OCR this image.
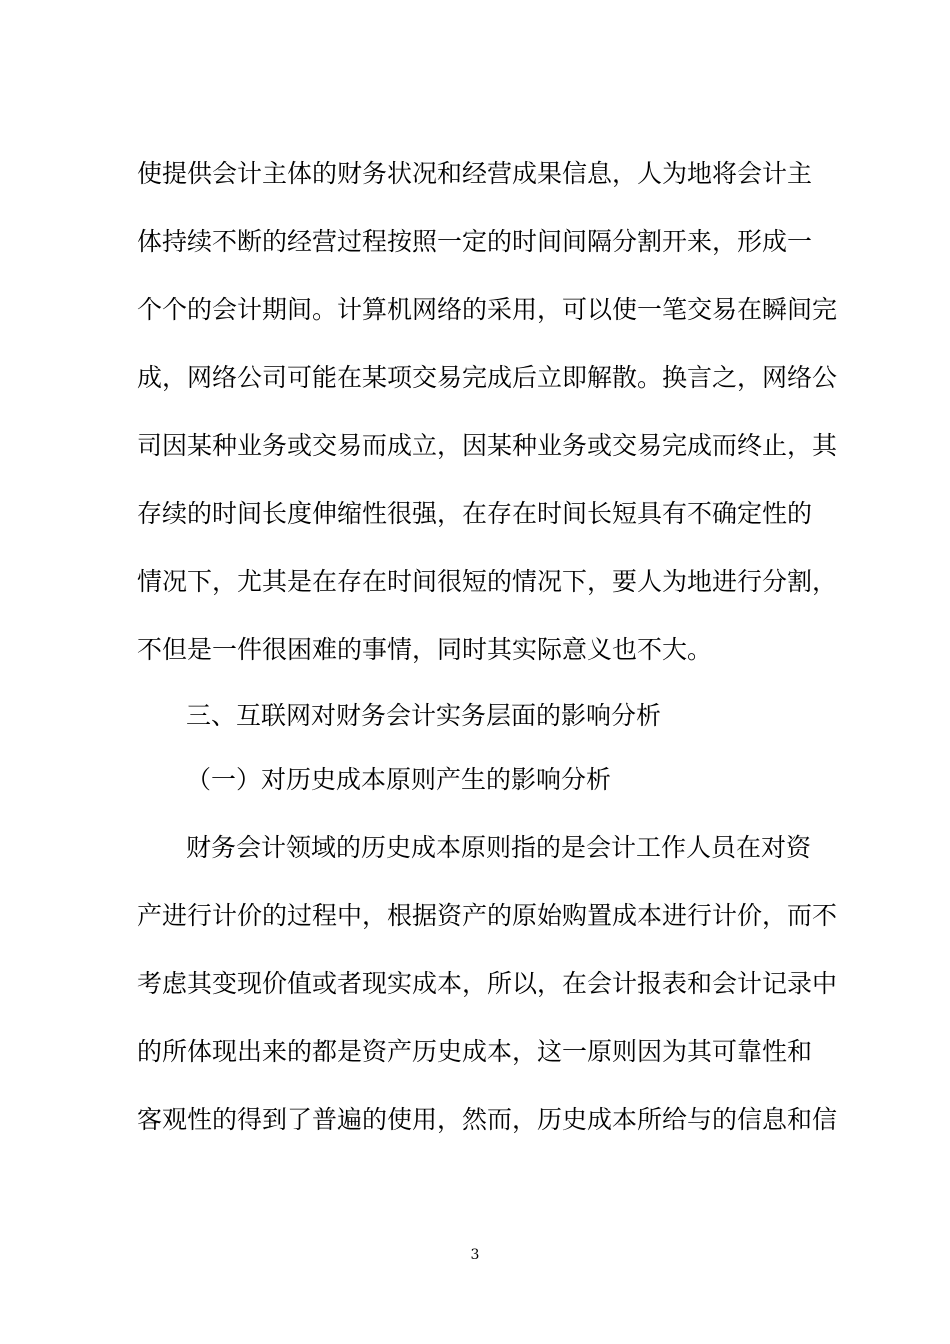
使提供会计主体的财务状况和经营成果信息，人为地将会计主
体持续不断的经营过程按照一定的时间间隔分割开来，形成一
个个的会计期间。计算机网络的采用，可以使一笔交易在瞬间完
成，网络公司可能在某项交易完成后立即解散。换言之，网络公
司因某种业务或交易而成立，因某种业务或交易完成而终止，其
存续的时间长度伸缩性很强，在存在时间长短具有不确定性的
情况下，尤其是在存在时间很短的情况下，要人为地进行分割，
不但是一件很困难的事情，同时其实际意义也不大。
三、互联网对财务会计实务层面的影响分析
（一）对历史成本原则产生的影响分析
财务会计领域的历史成本原则指的是会计工作人员在对资
产进行计价的过程中，根据资产的原始购置成本进行计价，而不
考虑其变现价值或者现实成本，所以，在会计报表和会计记录中
的所体现出来的都是资产历史成本，这一原则因为其可靠性和
客观性的得到了普遍的使用，然而，历史成本所给与的信息和信
3
